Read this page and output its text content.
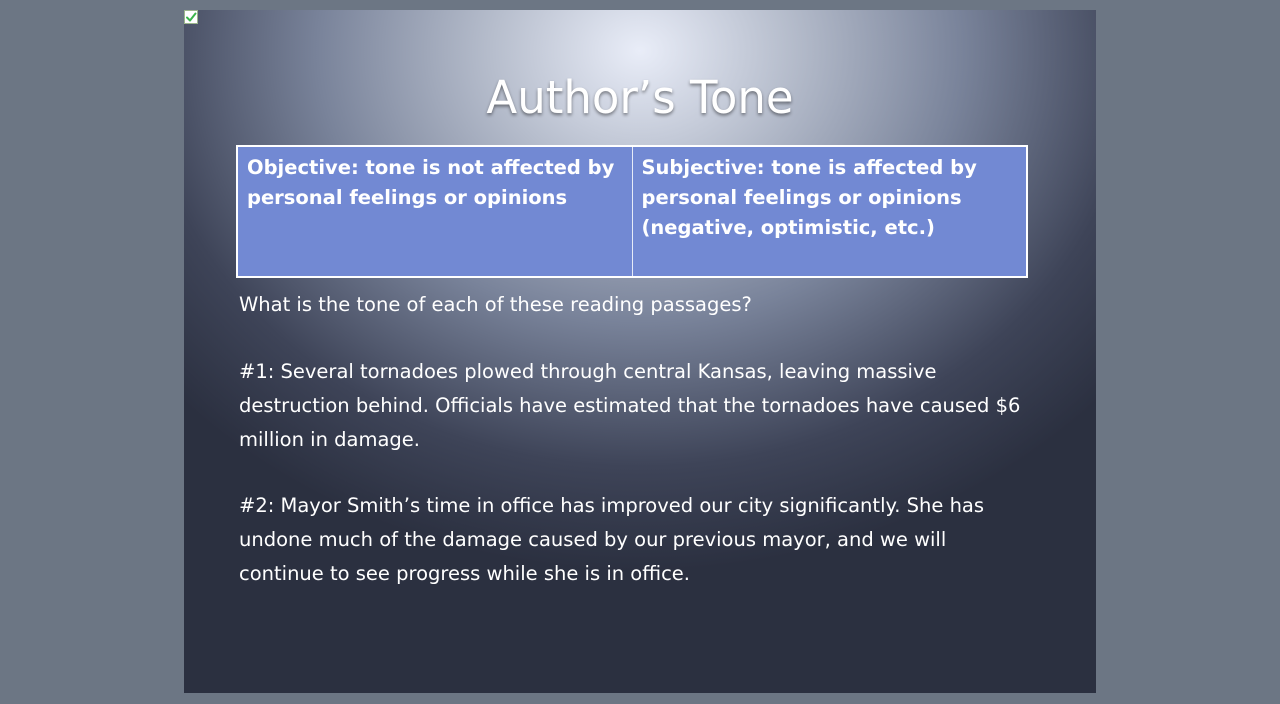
Author’s Tone
Objective: tone is not affected by personal feelings or opinions
Subjective: tone is affected by personal feelings or opinions (negative, optimistic, etc.)
What is the tone of each of these reading passages?
#1: Several tornadoes plowed through central Kansas, leaving massive destruction behind. Officials have estimated that the tornadoes have caused $6 million in damage.
#2: Mayor Smith’s time in office has improved our city significantly. She has undone much of the damage caused by our previous mayor, and we will continue to see progress while she is in office.
